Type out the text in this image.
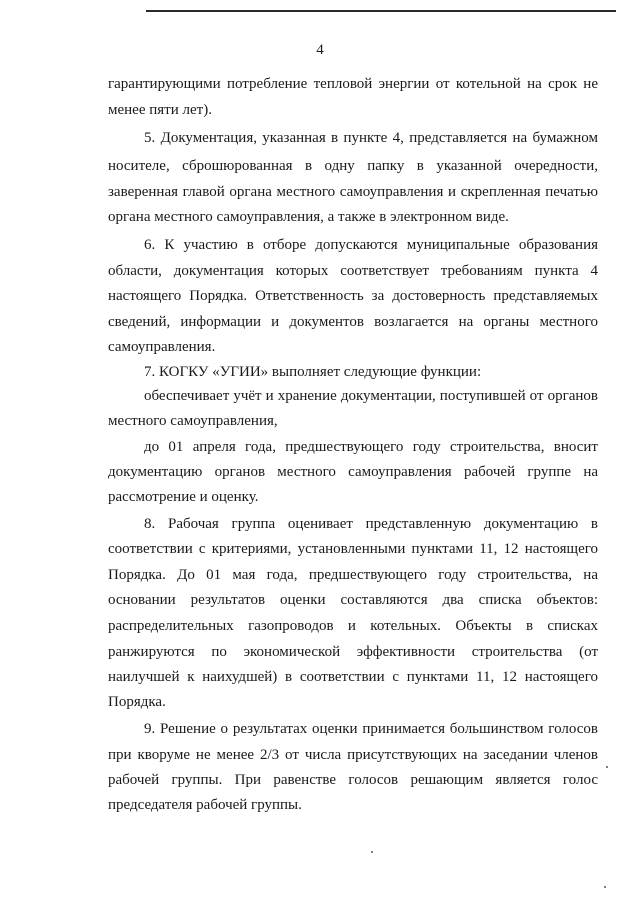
4
гарантирующими потребление тепловой энергии от котельной на срок не
менее пяти лет).
5. Документация, указанная в пункте 4, представляется на бумажном
носителе, сброшюрованная в одну папку в указанной очередности,
заверенная главой органа местного самоуправления и скрепленная печатью
органа местного самоуправления, а также в электронном виде.
6. К участию в отборе допускаются муниципальные образования
области, документация которых соответствует требованиям пункта 4
настоящего Порядка. Ответственность за достоверность представляемых
сведений, информации и документов возлагается на органы местного
самоуправления.
7. КОГКУ «УГИИ» выполняет следующие функции:
обеспечивает учёт и хранение документации, поступившей от органов
местного самоуправления,
до 01 апреля года, предшествующего году строительства, вносит
документацию органов местного самоуправления рабочей группе на
рассмотрение и оценку.
8. Рабочая группа оценивает представленную документацию в
соответствии с критериями, установленными пунктами 11, 12 настоящего
Порядка. До 01 мая года, предшествующего году строительства, на
основании результатов оценки составляются два списка объектов:
распределительных газопроводов и котельных. Объекты в списках
ранжируются по экономической эффективности строительства (от
наилучшей к наихудшей) в соответствии с пунктами 11, 12 настоящего
Порядка.
9. Решение о результатах оценки принимается большинством голосов
при кворуме не менее 2/3 от числа присутствующих на заседании членов
рабочей группы. При равенстве голосов решающим является голос
председателя рабочей группы.
